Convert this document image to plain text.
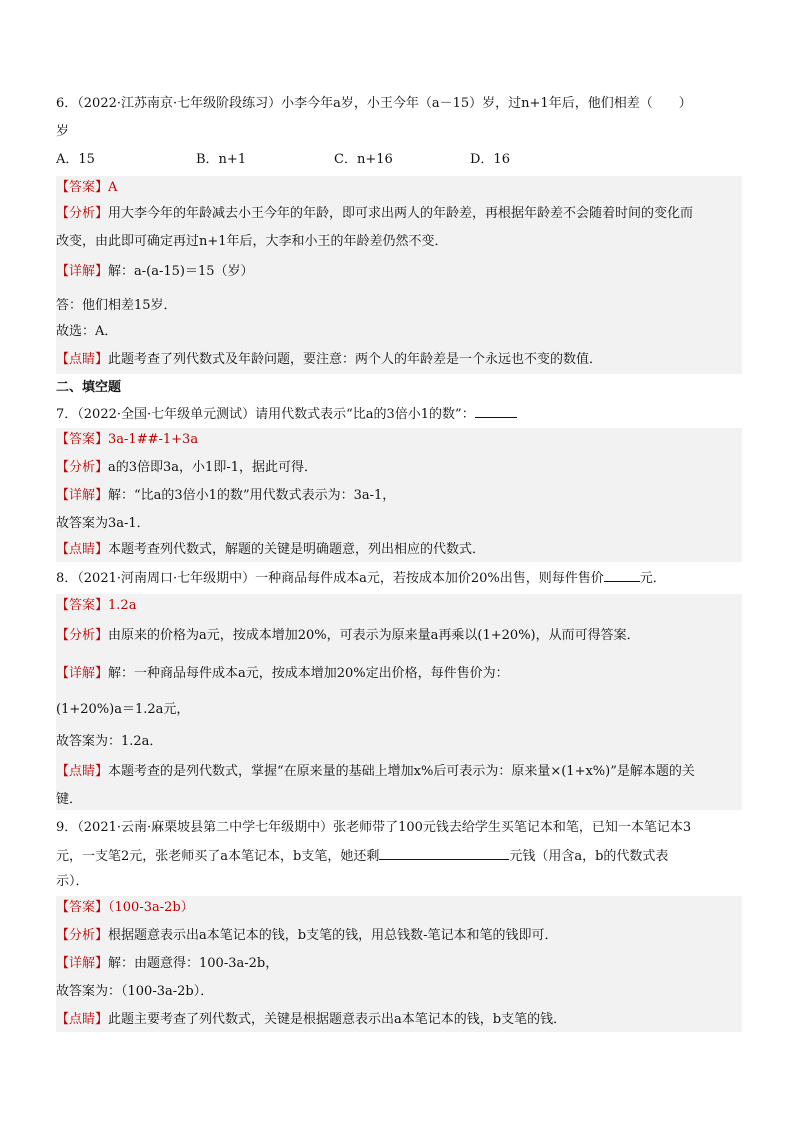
6．（2022·江苏南京·七年级阶段练习）小李今年a岁，小王今年（a－15）岁，过n+1年后，他们相差（　　）
岁
A．15	B．n+1	C．n+16	D．16
【答案】A
【分析】用大李今年的年龄减去小王今年的年龄，即可求出两人的年龄差，再根据年龄差不会随着时间的变化而
改变，由此即可确定再过n+1年后，大李和小王的年龄差仍然不变．
【详解】解：a-(a-15)＝15（岁）
答：他们相差15岁．
故选：A．
【点睛】此题考查了列代数式及年龄问题，要注意：两个人的年龄差是一个永远也不变的数值．
二、填空题
7．（2022·全国·七年级单元测试）请用代数式表示“比a的3倍小1的数”：
【答案】3a-1##-1+3a
【分析】a的3倍即3a，小1即-1，据此可得．
【详解】解：“比a的3倍小1的数”用代数式表示为：3a-1，
故答案为3a-1．
【点睛】本题考查列代数式，解题的关键是明确题意，列出相应的代数式．
8．（2021·河南周口·七年级期中）一种商品每件成本a元，若按成本加价20%出售，则每件售价	元．
【答案】1.2a
【分析】由原来的价格为a元，按成本增加20%，可表示为原来量a再乘以(1+20%)，从而可得答案．
【详解】解：一种商品每件成本a元，按成本增加20%定出价格，每件售价为：
(1+20%)a＝1.2a元，
故答案为：1.2a．
【点睛】本题考查的是列代数式，掌握“在原来量的基础上增加x%后可表示为：原来量×(1+x%)”是解本题的关
键．
9．（2021·云南·麻栗坡县第二中学七年级期中）张老师带了100元钱去给学生买笔记本和笔，已知一本笔记本3
元，一支笔2元，张老师买了a本笔记本，b支笔，她还剩	元钱（用含a，b的代数式表
示）．
【答案】（100-3a-2b）
【分析】根据题意表示出a本笔记本的钱，b支笔的钱，用总钱数-笔记本和笔的钱即可．
【详解】解：由题意得：100-3a-2b，
故答案为：（100-3a-2b）．
【点睛】此题主要考查了列代数式，关键是根据题意表示出a本笔记本的钱，b支笔的钱．
